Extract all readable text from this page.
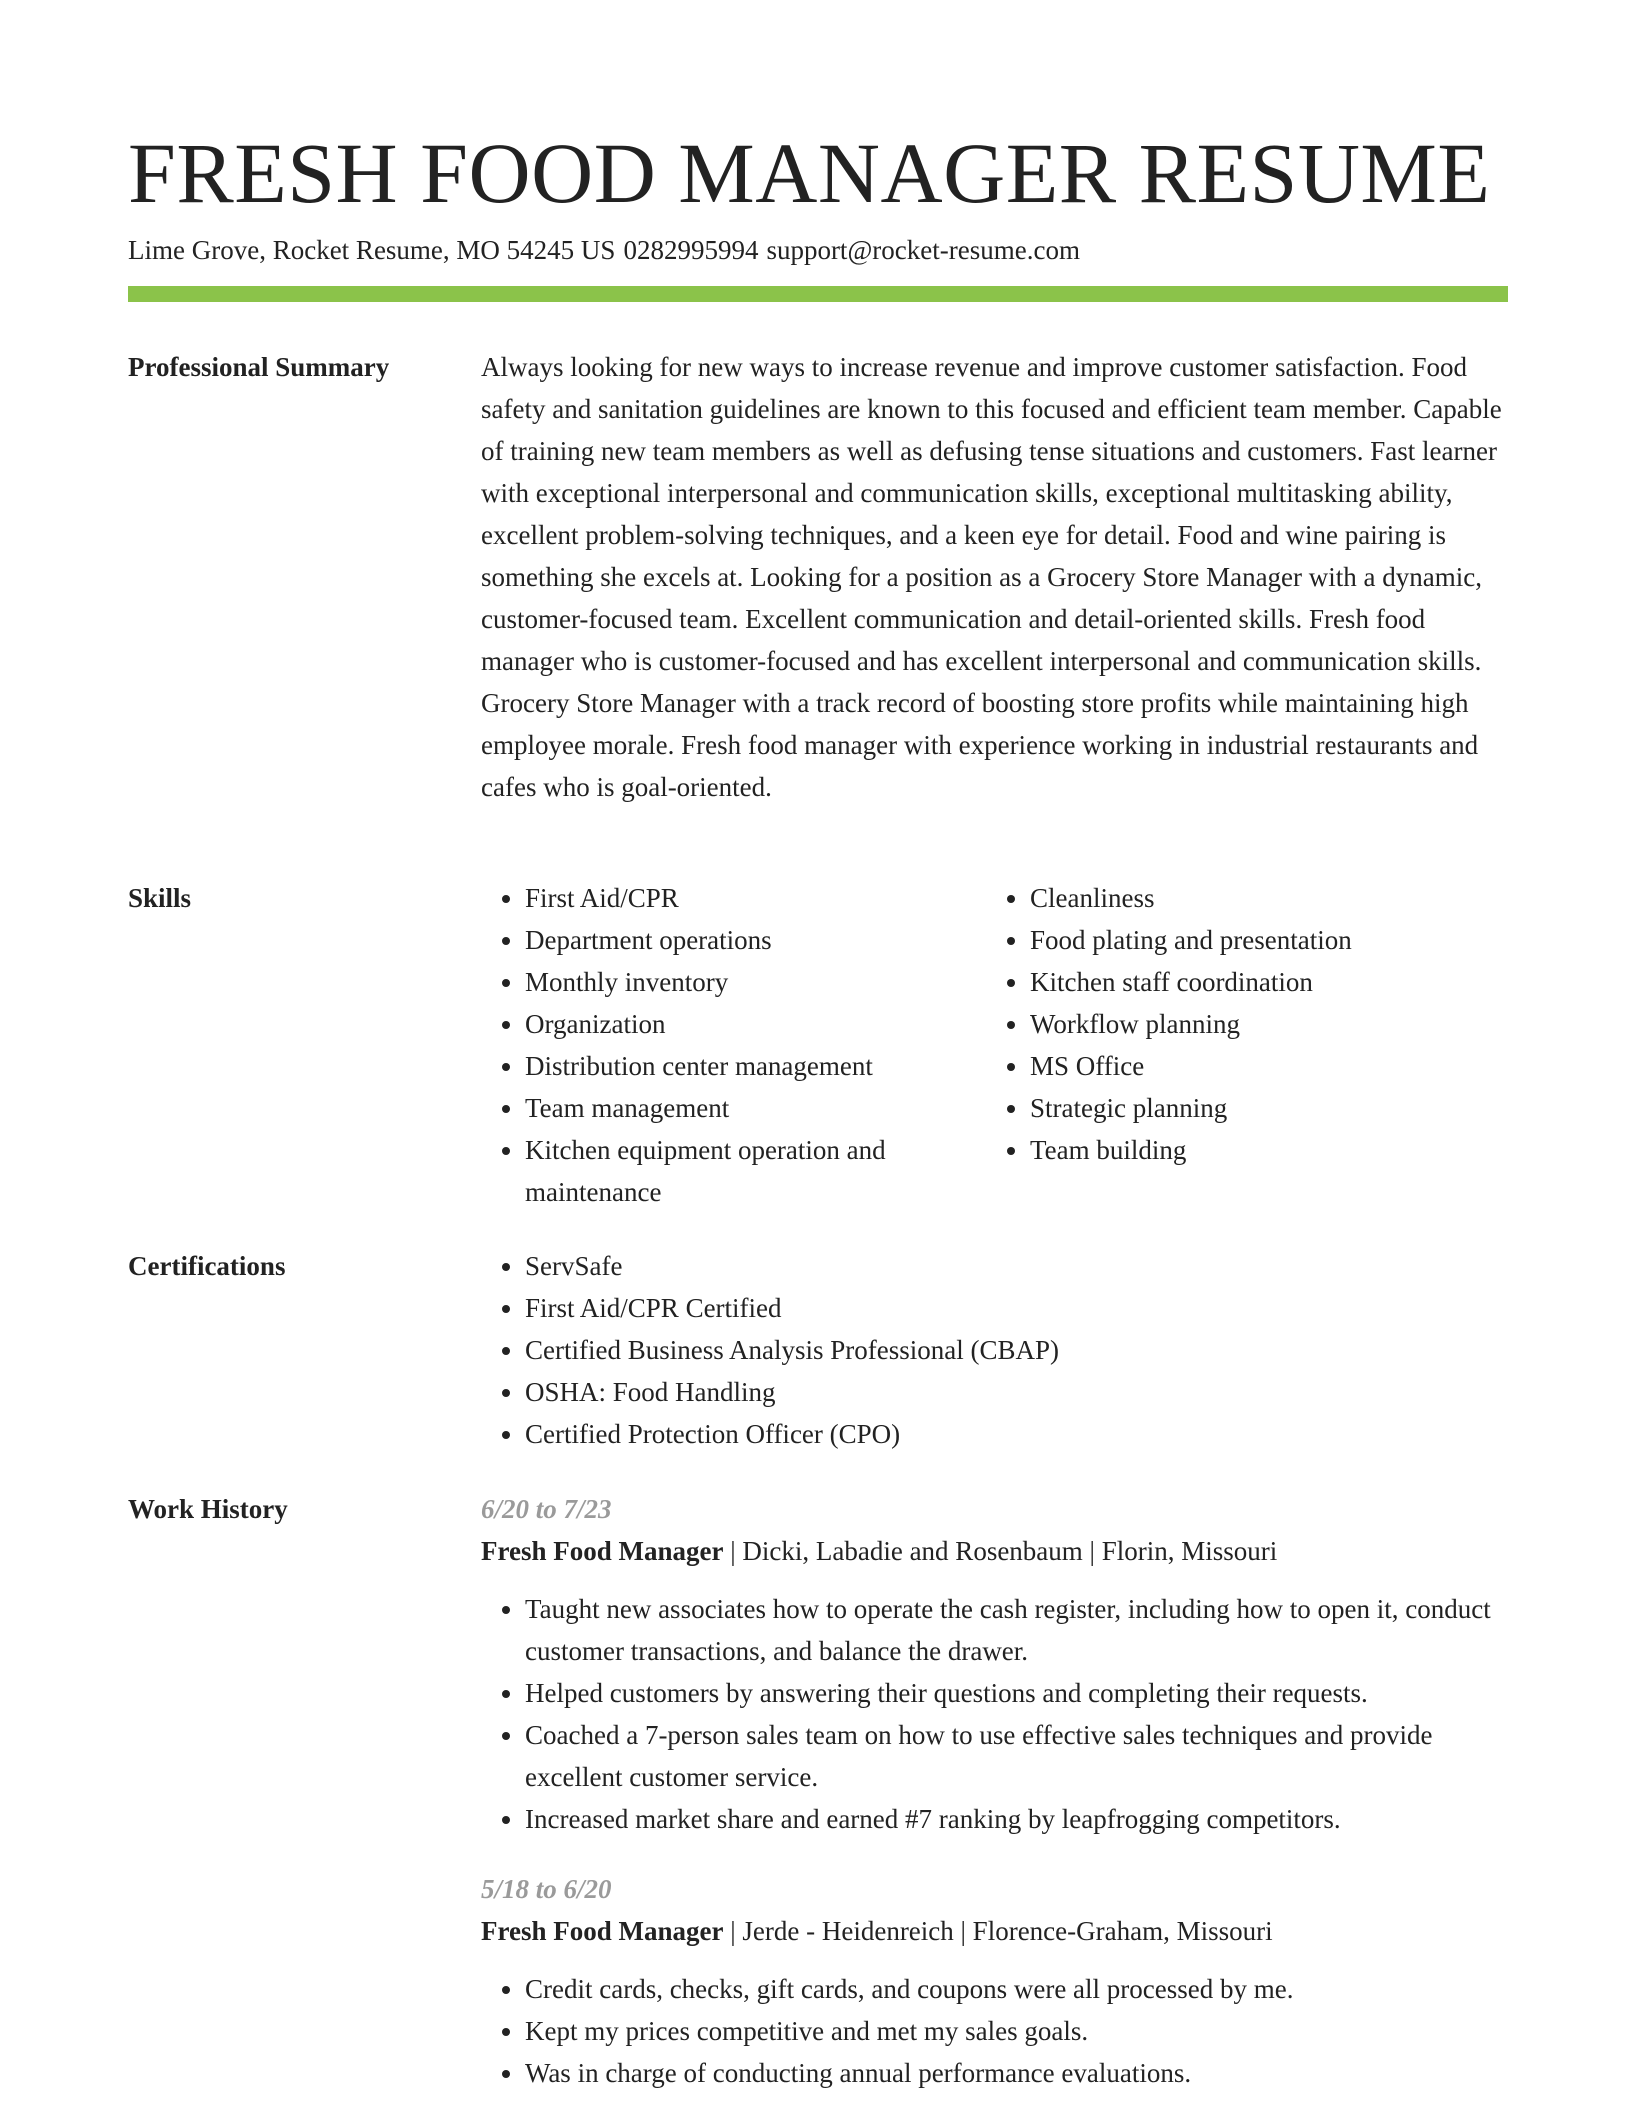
FRESH FOOD MANAGER RESUME
Lime Grove, Rocket Resume, MO 54245 US 0282995994 support@rocket-resume.com
Professional Summary	Always looking for new ways to increase revenue and improve customer satisfaction. Food safety and sanitation guidelines are known to this focused and efficient team member. Capable of training new team members as well as defusing tense situations and customers. Fast learner with exceptional interpersonal and communication skills, exceptional multitasking ability, excellent problem-solving techniques, and a keen eye for detail. Food and wine pairing is something she excels at. Looking for a position as a Grocery Store Manager with a dynamic, customer-focused team. Excellent communication and detail-oriented skills. Fresh food manager who is customer-focused and has excellent interpersonal and communication skills. Grocery Store Manager with a track record of boosting store profits while maintaining high employee morale. Fresh food manager with experience working in industrial restaurants and cafes who is goal-oriented.

Skills	• First Aid/CPR
• Department operations
• Monthly inventory
• Organization
• Distribution center management
• Team management
• Kitchen equipment operation and maintenance
• Cleanliness
• Food plating and presentation
• Kitchen staff coordination
• Workflow planning
• MS Office
• Strategic planning
• Team building
Certifications	• ServSafe
• First Aid/CPR Certified
• Certified Business Analysis Professional (CBAP)
• OSHA: Food Handling
• Certified Protection Officer (CPO)
Work History	6/20 to 7/23
Fresh Food Manager | Dicki, Labadie and Rosenbaum | Florin, Missouri
• Taught new associates how to operate the cash register, including how to open it, conduct customer transactions, and balance the drawer.
• Helped customers by answering their questions and completing their requests.
• Coached a 7-person sales team on how to use effective sales techniques and provide excellent customer service.
• Increased market share and earned #7 ranking by leapfrogging competitors.
5/18 to 6/20
Fresh Food Manager | Jerde - Heidenreich | Florence-Graham, Missouri
• Credit cards, checks, gift cards, and coupons were all processed by me.
• Kept my prices competitive and met my sales goals.
• Was in charge of conducting annual performance evaluations.
